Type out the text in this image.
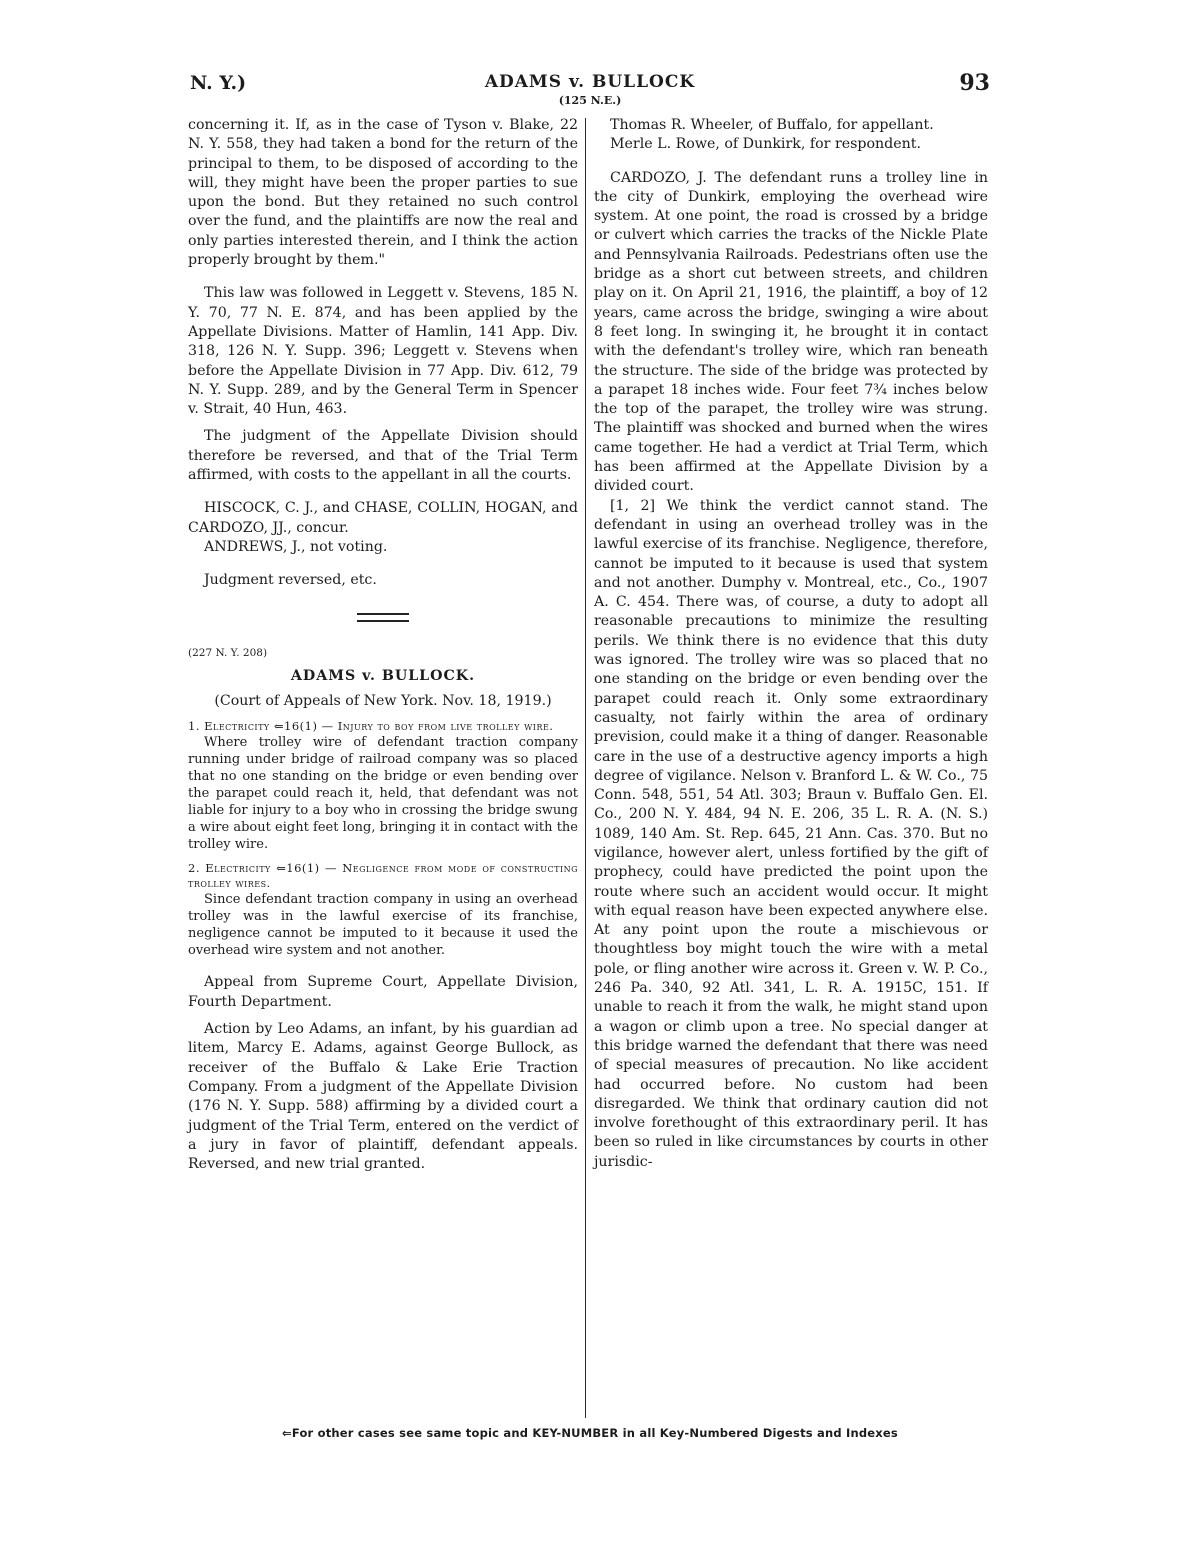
N. Y.)	ADAMS v. BULLOCK
(125 N.E.)
93

concerning it. If, as in the case of Tyson v. Blake, 22 N. Y. 558, they had taken a bond for the return of the principal to them, to be disposed of according to the will, they might have been the proper parties to sue upon the bond. But they retained no such control over the fund, and the plaintiffs are now the real and only parties interested therein, and I think the action properly brought by them."

This law was followed in Leggett v. Stevens, 185 N. Y. 70, 77 N. E. 874, and has been applied by the Appellate Divisions. Matter of Hamlin, 141 App. Div. 318, 126 N. Y. Supp. 396; Leggett v. Stevens when before the Appellate Division in 77 App. Div. 612, 79 N. Y. Supp. 289, and by the General Term in Spencer v. Strait, 40 Hun, 463.

The judgment of the Appellate Division should therefore be reversed, and that of the Trial Term affirmed, with costs to the appellant in all the courts.

HISCOCK, C. J., and CHASE, COLLIN, HOGAN, and CARDOZO, JJ., concur.

ANDREWS, J., not voting.

Judgment reversed, etc.

(227 N. Y. 208)

ADAMS v. BULLOCK.

(Court of Appeals of New York. Nov. 18, 1919.)

1. Electricity ⇐16(1) — Injury to boy from live trolley wire.

Where trolley wire of defendant traction company running under bridge of railroad company was so placed that no one standing on the bridge or even bending over the parapet could reach it, held, that defendant was not liable for injury to a boy who in crossing the bridge swung a wire about eight feet long, bringing it in contact with the trolley wire.

2. Electricity ⇐16(1) — Negligence from mode of constructing trolley wires.

Since defendant traction company in using an overhead trolley was in the lawful exercise of its franchise, negligence cannot be imputed to it because it used the overhead wire system and not another.

Appeal from Supreme Court, Appellate Division, Fourth Department.

Action by Leo Adams, an infant, by his guardian ad litem, Marcy E. Adams, against George Bullock, as receiver of the Buffalo & Lake Erie Traction Company. From a judgment of the Appellate Division (176 N. Y. Supp. 588) affirming by a divided court a judgment of the Trial Term, entered on the verdict of a jury in favor of plaintiff, defendant appeals. Reversed, and new trial granted.

Thomas R. Wheeler, of Buffalo, for appellant.

Merle L. Rowe, of Dunkirk, for respondent.

CARDOZO, J. The defendant runs a trolley line in the city of Dunkirk, employing the overhead wire system. At one point, the road is crossed by a bridge or culvert which carries the tracks of the Nickle Plate and Pennsylvania Railroads. Pedestrians often use the bridge as a short cut between streets, and children play on it. On April 21, 1916, the plaintiff, a boy of 12 years, came across the bridge, swinging a wire about 8 feet long. In swinging it, he brought it in contact with the defendant's trolley wire, which ran beneath the structure. The side of the bridge was protected by a parapet 18 inches wide. Four feet 7¾ inches below the top of the parapet, the trolley wire was strung. The plaintiff was shocked and burned when the wires came together. He had a verdict at Trial Term, which has been affirmed at the Appellate Division by a divided court.

[1, 2] We think the verdict cannot stand. The defendant in using an overhead trolley was in the lawful exercise of its franchise. Negligence, therefore, cannot be imputed to it because is used that system and not another. Dumphy v. Montreal, etc., Co., 1907 A. C. 454. There was, of course, a duty to adopt all reasonable precautions to minimize the resulting perils. We think there is no evidence that this duty was ignored. The trolley wire was so placed that no one standing on the bridge or even bending over the parapet could reach it. Only some extraordinary casualty, not fairly within the area of ordinary prevision, could make it a thing of danger. Reasonable care in the use of a destructive agency imports a high degree of vigilance. Nelson v. Branford L. & W. Co., 75 Conn. 548, 551, 54 Atl. 303; Braun v. Buffalo Gen. El. Co., 200 N. Y. 484, 94 N. E. 206, 35 L. R. A. (N. S.) 1089, 140 Am. St. Rep. 645, 21 Ann. Cas. 370. But no vigilance, however alert, unless fortified by the gift of prophecy, could have predicted the point upon the route where such an accident would occur. It might with equal reason have been expected anywhere else. At any point upon the route a mischievous or thoughtless boy might touch the wire with a metal pole, or fling another wire across it. Green v. W. P. Co., 246 Pa. 340, 92 Atl. 341, L. R. A. 1915C, 151. If unable to reach it from the walk, he might stand upon a wagon or climb upon a tree. No special danger at this bridge warned the defendant that there was need of special measures of precaution. No like accident had occurred before. No custom had been disregarded. We think that ordinary caution did not involve forethought of this extraordinary peril. It has been so ruled in like circumstances by courts in other jurisdic-

⇐For other cases see same topic and KEY-NUMBER in all Key-Numbered Digests and Indexes
